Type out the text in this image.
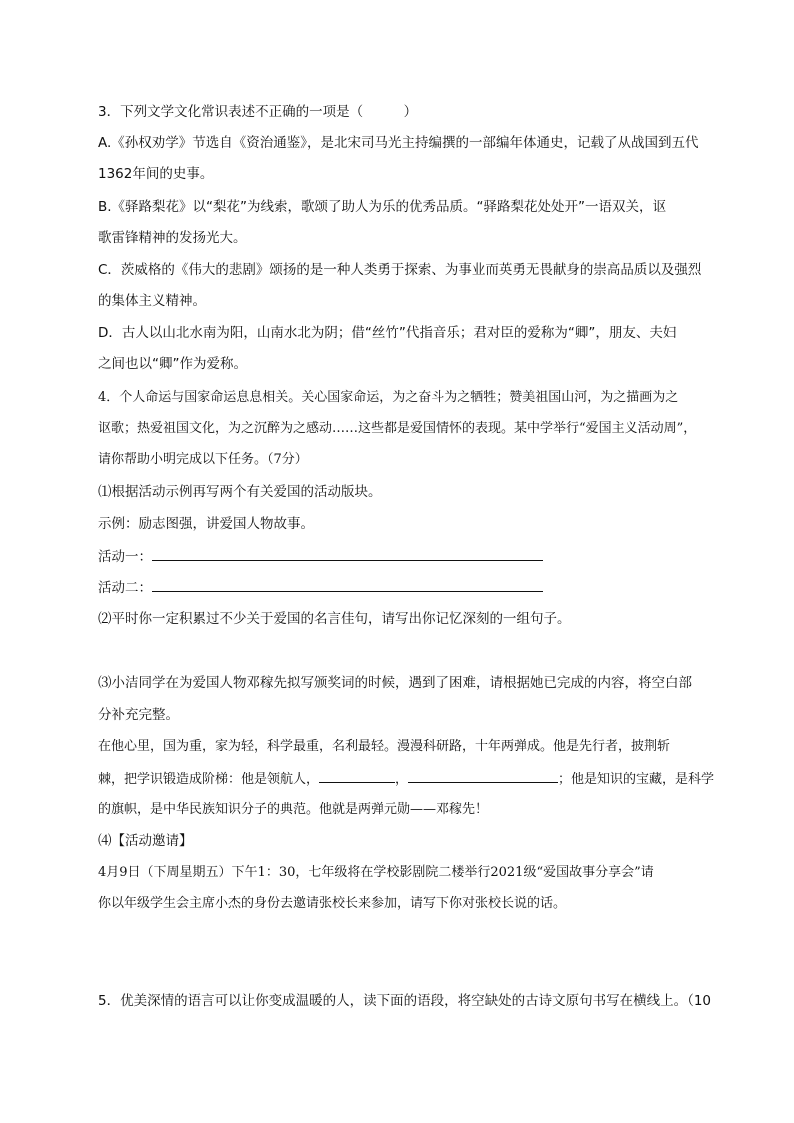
3．下列文学文化常识表述不正确的一项是（　　　）
A.《孙权劝学》节选自《资治通鉴》，是北宋司马光主持编撰的一部编年体通史，记载了从战国到五代
1362年间的史事。
B.《驿路梨花》以“梨花”为线索，歌颂了助人为乐的优秀品质。“驿路梨花处处开”一语双关，讴
歌雷锋精神的发扬光大。
C．茨威格的《伟大的悲剧》颂扬的是一种人类勇于探索、为事业而英勇无畏献身的崇高品质以及强烈
的集体主义精神。
D．古人以山北水南为阳，山南水北为阴；借“丝竹”代指音乐；君对臣的爱称为“卿”，朋友、夫妇
之间也以“卿”作为爱称。
4．个人命运与国家命运息息相关。关心国家命运，为之奋斗为之牺牲；赞美祖国山河，为之描画为之
讴歌；热爱祖国文化，为之沉醉为之感动……这些都是爱国情怀的表现。某中学举行“爱国主义活动周”，
请你帮助小明完成以下任务。（7分）
⑴根据活动示例再写两个有关爱国的活动版块。
示例：励志图强，讲爱国人物故事。
活动一：
活动二：
⑵平时你一定积累过不少关于爱国的名言佳句，请写出你记忆深刻的一组句子。
⑶小洁同学在为爱国人物邓稼先拟写颁奖词的时候，遇到了困难，请根据她已完成的内容，将空白部
分补充完整。
在他心里，国为重，家为轻，科学最重，名利最轻。漫漫科研路，十年两弹成。他是先行者，披荆斩
棘，把学识锻造成阶梯：他是领航人，	，	；他是知识的宝藏，是科学
的旗帜，是中华民族知识分子的典范。他就是两弹元勋——邓稼先！
⑷【活动邀请】
4月9日（下周星期五）下午1：30，七年级将在学校影剧院二楼举行2021级“爱国故事分享会”请
你以年级学生会主席小杰的身份去邀请张校长来参加，请写下你对张校长说的话。
5．优美深情的语言可以让你变成温暖的人，读下面的语段，将空缺处的古诗文原句书写在横线上。（10
